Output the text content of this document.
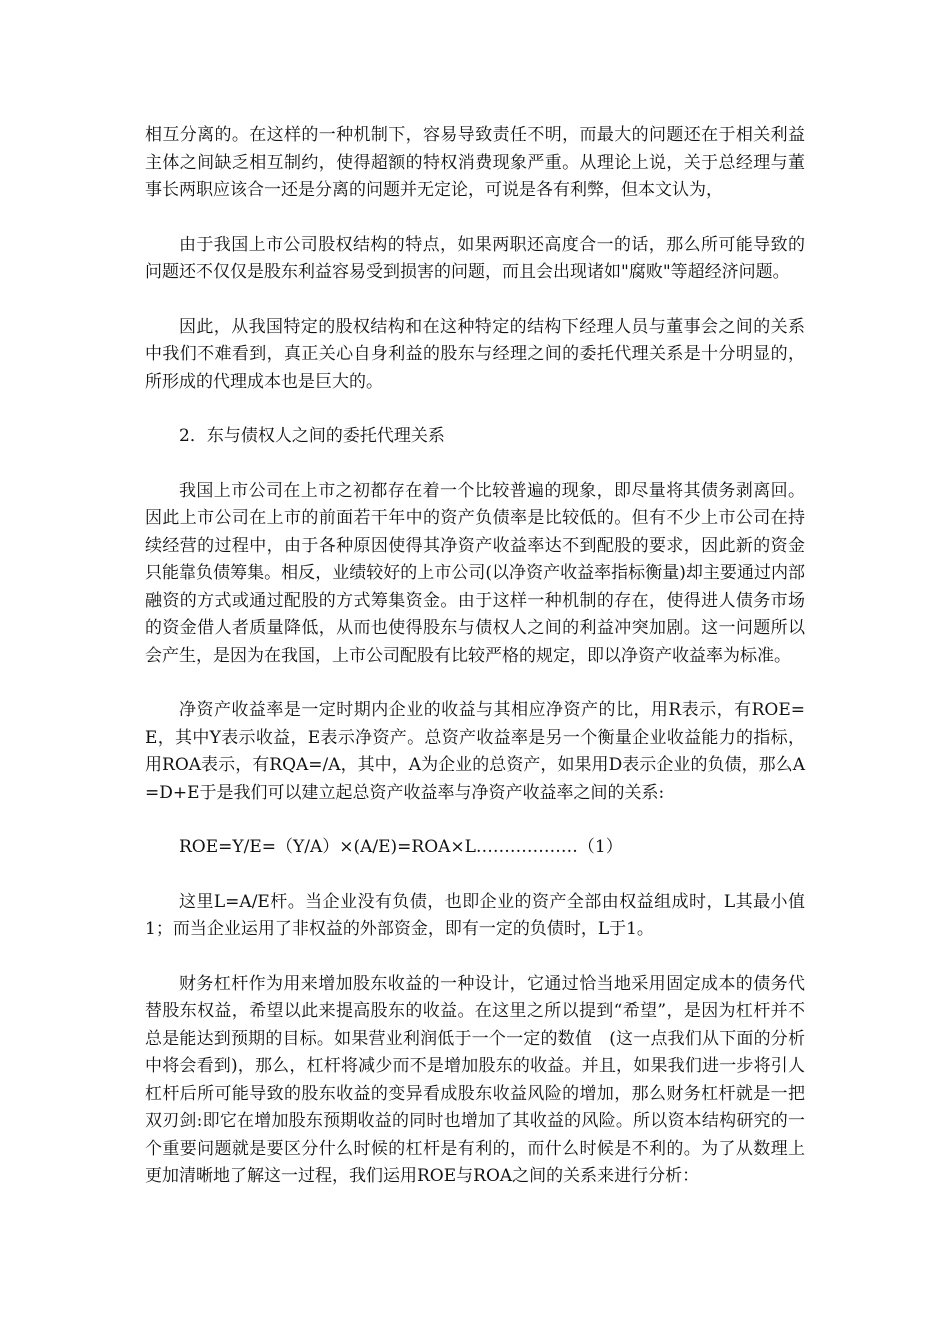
相互分离的。在这样的一种机制下，容易导致责任不明，而最大的问题还在于相关利益主体之间缺乏相互制约，使得超额的特权消费现象严重。从理论上说，关于总经理与董事长两职应该合一还是分离的问题并无定论，可说是各有利弊，但本文认为，

由于我国上市公司股权结构的特点，如果两职还高度合一的话，那么所可能导致的问题还不仅仅是股东利益容易受到损害的问题，而且会出现诸如"腐败"等超经济问题。

因此，从我国特定的股权结构和在这种特定的结构下经理人员与董事会之间的关系中我们不难看到，真正关心自身利益的股东与经理之间的委托代理关系是十分明显的，所形成的代理成本也是巨大的。

2．东与债权人之间的委托代理关系

我国上市公司在上市之初都存在着一个比较普遍的现象，即尽量将其债务剥离回。因此上市公司在上市的前面若干年中的资产负债率是比较低的。但有不少上市公司在持续经营的过程中，由于各种原因使得其净资产收益率达不到配股的要求，因此新的资金只能靠负债筹集。相反，业绩较好的上市公司(以净资产收益率指标衡量)却主要通过内部融资的方式或通过配股的方式筹集资金。由于这样一种机制的存在，使得进人债务市场的资金借人者质量降低，从而也使得股东与债权人之间的利益冲突加剧。这一问题所以会产生，是因为在我国，上市公司配股有比较严格的规定，即以净资产收益率为标准。

净资产收益率是一定时期内企业的收益与其相应净资产的比，用R表示，有ROE=E，其中Y表示收益，E表示净资产。总资产收益率是另一个衡量企业收益能力的指标，用ROA表示，有RQA=/A，其中，A为企业的总资产，如果用D表示企业的负债，那么A=D+E于是我们可以建立起总资产收益率与净资产收益率之间的关系:

ROE=Y/E=（Y/A）×(A/E)=ROA×L………………（1）

这里L=A/E杆。当企业没有负债，也即企业的资产全部由权益组成时，L其最小值1；而当企业运用了非权益的外部资金，即有一定的负债时，L于1。

财务杠杆作为用来增加股东收益的一种设计，它通过恰当地采用固定成本的债务代替股东权益，希望以此来提高股东的收益。在这里之所以提到“希望”，是因为杠杆并不总是能达到预期的目标。如果营业利润低于一个一定的数值　(这一点我们从下面的分析中将会看到)，那么，杠杆将减少而不是增加股东的收益。并且，如果我们进一步将引人杠杆后所可能导致的股东收益的变异看成股东收益风险的增加，那么财务杠杆就是一把双刃剑:即它在增加股东预期收益的同时也增加了其收益的风险。所以资本结构研究的一个重要问题就是要区分什么时候的杠杆是有利的，而什么时候是不利的。为了从数理上更加清晰地了解这一过程，我们运用ROE与ROA之间的关系来进行分析：
